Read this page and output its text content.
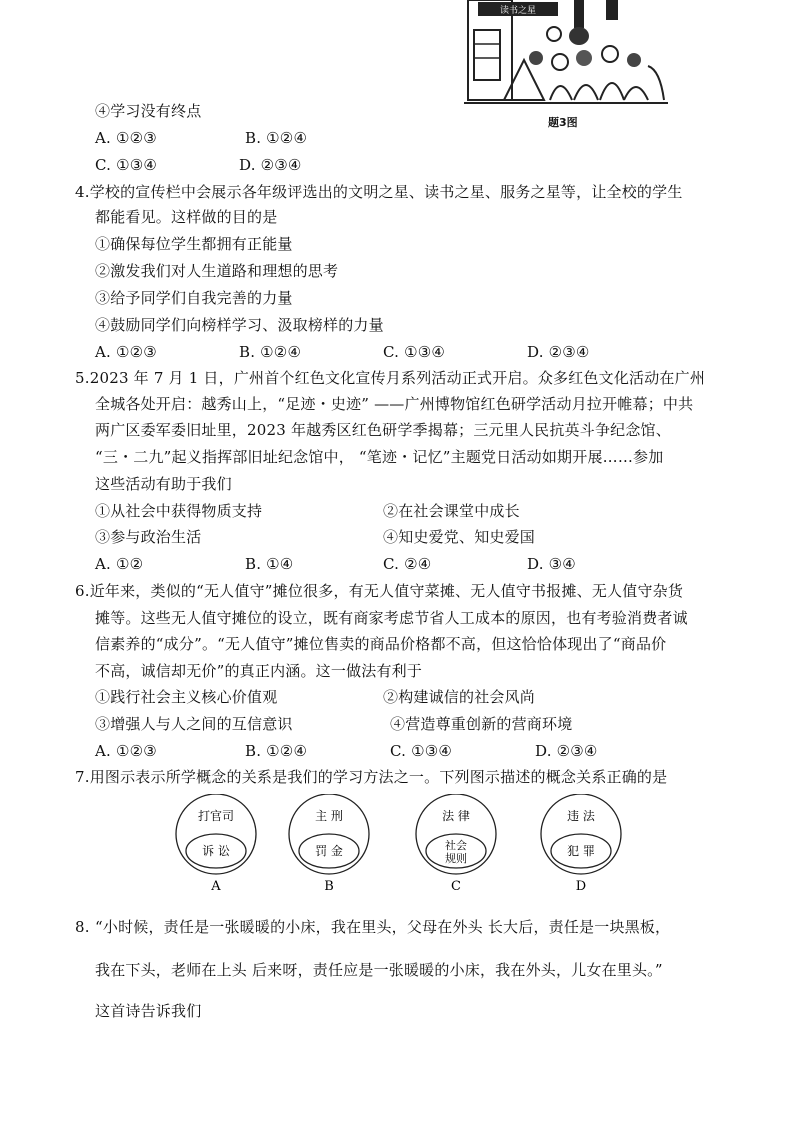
读书之星
题3图
④学习没有终点
A. ①②③	B. ①②④
C. ①③④	D. ②③④
4.学校的宣传栏中会展示各年级评选出的文明之星、读书之星、服务之星等，让全校的学生
都能看见。这样做的目的是
①确保每位学生都拥有正能量
②激发我们对人生道路和理想的思考
③给予同学们自我完善的力量
④鼓励同学们向榜样学习、汲取榜样的力量
A. ①②③	B. ①②④	C. ①③④	D. ②③④
5.2023 年 7 月 1 日，广州首个红色文化宣传月系列活动正式开启。众多红色文化活动在广州
全城各处开启：越秀山上，“足迹・史迹” ——广州博物馆红色研学活动月拉开帷幕；中共
两广区委军委旧址里，2023 年越秀区红色研学季揭幕；三元里人民抗英斗争纪念馆、
“三・二九”起义指挥部旧址纪念馆中， “笔迹・记忆”主题党日活动如期开展……参加
这些活动有助于我们
①从社会中获得物质支持	②在社会课堂中成长
③参与政治生活	④知史爱党、知史爱国
A. ①②	B. ①④	C. ②④	D. ③④
6.近年来，类似的“无人值守”摊位很多，有无人值守菜摊、无人值守书报摊、无人值守杂货
摊等。这些无人值守摊位的设立，既有商家考虑节省人工成本的原因，也有考验消费者诚
信素养的“成分”。“无人值守”摊位售卖的商品价格都不高，但这恰恰体现出了“商品价
不高，诚信却无价”的真正内涵。这一做法有利于
①践行社会主义核心价值观	②构建诚信的社会风尚
③增强人与人之间的互信意识	④营造尊重创新的营商环境
A. ①②③	B. ①②④	C. ①③④	D. ②③④
7.用图示表示所学概念的关系是我们的学习方法之一。下列图示描述的概念关系正确的是
打官司
诉 讼
A
主 刑
罚 金
B
法 律
社会
规则
C
违 法
犯 罪
D
8. “小时候，责任是一张暖暖的小床，我在里头，父母在外头 长大后，责任是一块黑板，
我在下头，老师在上头 后来呀，责任应是一张暖暖的小床，我在外头，儿女在里头。”
这首诗告诉我们
